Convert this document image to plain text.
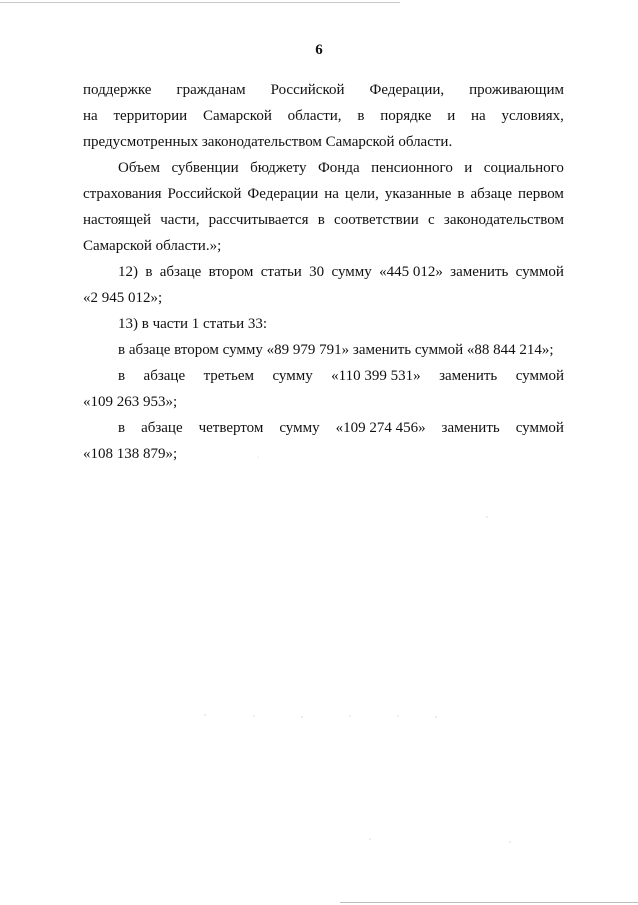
6
поддержке гражданам Российской Федерации, проживающим
на территории Самарской области, в порядке и на условиях,
предусмотренных законодательством Самарской области.
Объем субвенции бюджету Фонда пенсионного и социального
страхования Российской Федерации на цели, указанные в абзаце первом
настоящей части, рассчитывается в соответствии с законодательством
Самарской области.»;
12) в абзаце втором статьи 30 сумму «445 012» заменить суммой
«2 945 012»;
13) в части 1 статьи 33:
в абзаце втором сумму «89 979 791» заменить суммой «88 844 214»;
в абзаце третьем сумму «110 399 531» заменить суммой
«109 263 953»;
в абзаце четвертом сумму «109 274 456» заменить суммой
«108 138 879»;
